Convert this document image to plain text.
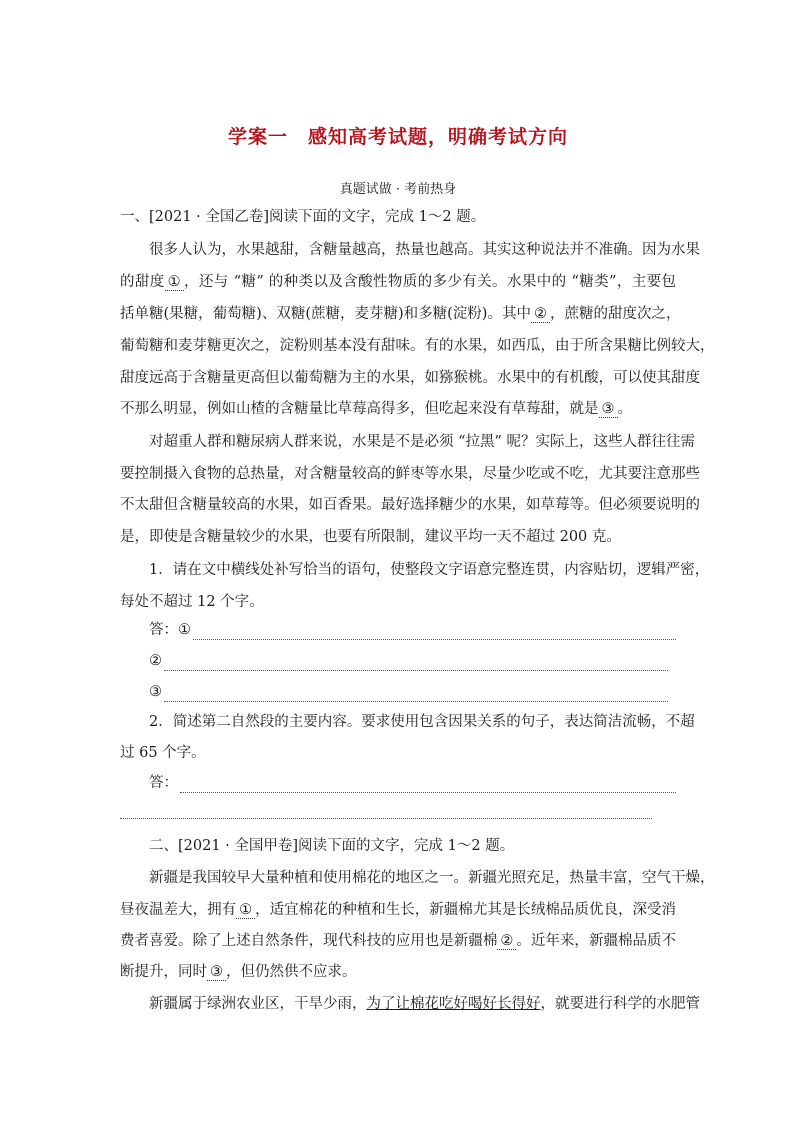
学案一　感知高考试题，明确考试方向
真题试做 · 考前热身
一、[2021 · 全国乙卷]阅读下面的文字，完成 1～2 题。
很多人认为，水果越甜，含糖量越高，热量也越高。其实这种说法并不准确。因为水果
的甜度 ① ，还与 “糖” 的种类以及含酸性物质的多少有关。水果中的 “糖类”，主要包
括单糖(果糖，葡萄糖)、双糖(蔗糖，麦芽糖)和多糖(淀粉)。其中 ② ，蔗糖的甜度次之，
葡萄糖和麦芽糖更次之，淀粉则基本没有甜味。有的水果，如西瓜，由于所含果糖比例较大，
甜度远高于含糖量更高但以葡萄糖为主的水果，如猕猴桃。水果中的有机酸，可以使其甜度
不那么明显，例如山楂的含糖量比草莓高得多，但吃起来没有草莓甜，就是 ③ 。
对超重人群和糖尿病人群来说，水果是不是必须 “拉黑” 呢？实际上，这些人群往往需
要控制摄入食物的总热量，对含糖量较高的鲜枣等水果，尽量少吃或不吃，尤其要注意那些
不太甜但含糖量较高的水果，如百香果。最好选择糖少的水果，如草莓等。但必须要说明的
是，即使是含糖量较少的水果，也要有所限制，建议平均一天不超过 200 克。
1．请在文中横线处补写恰当的语句，使整段文字语意完整连贯，内容贴切，逻辑严密，
每处不超过 12 个字。
答： ①
②
③
2．简述第二自然段的主要内容。要求使用包含因果关系的句子，表达简洁流畅，不超
过 65 个字。
答：
二、[2021 · 全国甲卷]阅读下面的文字，完成 1～2 题。
新疆是我国较早大量种植和使用棉花的地区之一。新疆光照充足，热量丰富，空气干燥，
昼夜温差大，拥有 ① ，适宜棉花的种植和生长，新疆棉尤其是长绒棉品质优良，深受消
费者喜爱。除了上述自然条件，现代科技的应用也是新疆棉 ② 。近年来，新疆棉品质不
断提升，同时 ③ ，但仍然供不应求。
新疆属于绿洲农业区，干旱少雨，为了让棉花吃好喝好长得好，就要进行科学的水肥管
